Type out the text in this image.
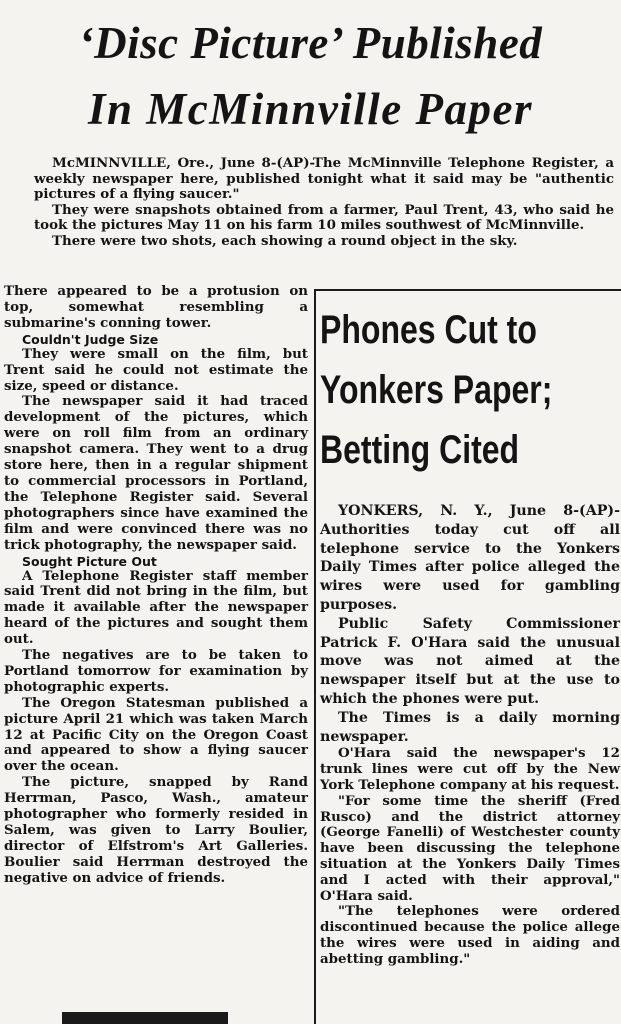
‘Disc Picture’ Published
In McMinnville Paper

McMINNVILLE, Ore., June 8-(AP)-The McMinnville Telephone Register, a weekly newspaper here, published tonight what it said may be "authentic pictures of a flying saucer."

They were snapshots obtained from a farmer, Paul Trent, 43, who said he took the pictures May 11 on his farm 10 miles southwest of McMinnville.

There were two shots, each showing a round object in the sky.

There appeared to be a protusion on top, somewhat resembling a submarine's conning tower.

Couldn't Judge Size

They were small on the film, but Trent said he could not estimate the size, speed or distance.

The newspaper said it had traced development of the pictures, which were on roll film from an ordinary snapshot camera. They went to a drug store here, then in a regular shipment to commercial processors in Portland, the Telephone Register said. Several photographers since have examined the film and were convinced there was no trick photography, the newspaper said.

Sought Picture Out

A Telephone Register staff member said Trent did not bring in the film, but made it available after the newspaper heard of the pictures and sought them out.

The negatives are to be taken to Portland tomorrow for examination by photographic experts.

The Oregon Statesman published a picture April 21 which was taken March 12 at Pacific City on the Oregon Coast and appeared to show a flying saucer over the ocean.

The picture, snapped by Rand Herrman, Pasco, Wash., amateur photographer who formerly resided in Salem, was given to Larry Boulier, director of Elfstrom's Art Galleries. Boulier said Herrman destroyed the negative on advice of friends.

Phones Cut to

Yonkers Paper;

Betting Cited

YONKERS, N. Y., June 8-(AP)-Authorities today cut off all telephone service to the Yonkers Daily Times after police alleged the wires were used for gambling purposes.

Public Safety Commissioner Patrick F. O'Hara said the unusual move was not aimed at the newspaper itself but at the use to which the phones were put.

The Times is a daily morning newspaper.

O'Hara said the newspaper's 12 trunk lines were cut off by the New York Telephone company at his request.

"For some time the sheriff (Fred Rusco) and the district attorney (George Fanelli) of Westchester county have been discussing the telephone situation at the Yonkers Daily Times and I acted with their approval," O'Hara said.

"The telephones were ordered discontinued because the police allege the wires were used in aiding and abetting gambling."
